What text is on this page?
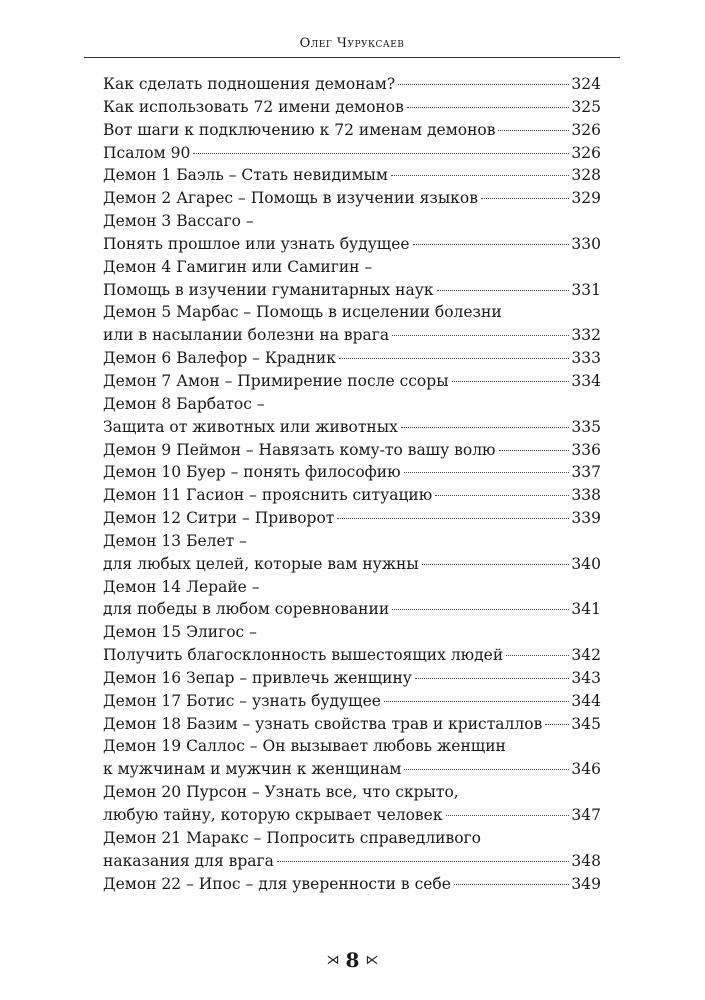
Олег Чуруксаев
Как сделать подношения демонам?	324
Как использовать 72 имени демонов	325
Вот шаги к подключению к 72 именам демонов	326
Псалом 90	326
Демон 1 Баэль – Стать невидимым	328
Демон 2 Агарес – Помощь в изучении языков	329
Демон 3 Вассаго –
Понять прошлое или узнать будущее	330
Демон 4 Гамигин или Самигин –
Помощь в изучении гуманитарных наук	331
Демон 5 Марбас – Помощь в исцелении болезни
или в насылании болезни на врага	332
Демон 6 Валефор – Крадник	333
Демон 7 Амон – Примирение после ссоры	334
Демон 8 Барбатос –
Защита от животных или животных	335
Демон 9 Пеймон – Навязать кому-то вашу волю	336
Демон 10 Буер – понять философию	337
Демон 11 Гасион – прояснить ситуацию	338
Демон 12 Ситри – Приворот	339
Демон 13 Белет –
для любых целей, которые вам нужны	340
Демон 14 Лерайе –
для победы в любом соревновании	341
Демон 15 Элигос –
Получить благосклонность вышестоящих людей	342
Демон 16 Зепар – привлечь женщину	343
Демон 17 Ботис – узнать будущее	344
Демон 18 Базим – узнать свойства трав и кристаллов 345
Демон 19 Саллос – Он вызывает любовь женщин
к мужчинам и мужчин к женщинам	346
Демон 20 Пурсон – Узнать все, что скрыто,
любую тайну, которую скрывает человек	347
Демон 21 Маракс – Попросить справедливого
наказания для врага	348
Демон 22 – Ипос – для уверенности в себе	349
⋊ 8 ⋉
